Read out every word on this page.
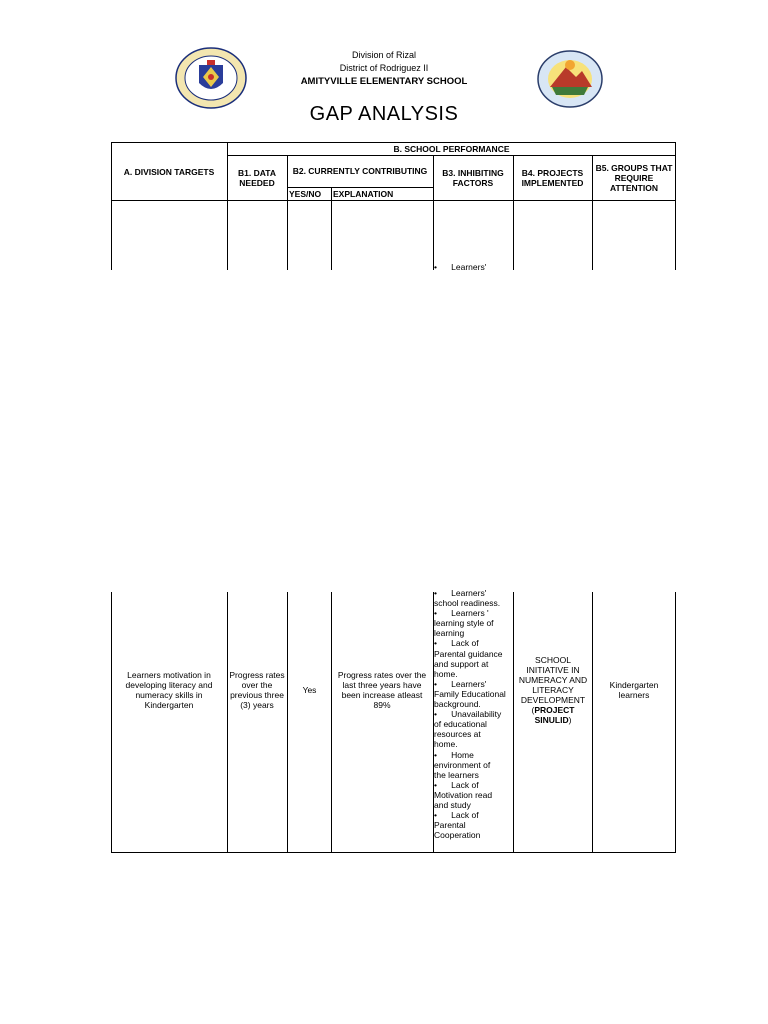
Division of Rizal
District of Rodriguez II
AMITYVILLE ELEMENTARY SCHOOL
GAP ANALYSIS
A. DIVISION TARGETS
B. SCHOOL PERFORMANCE
B1. DATA NEEDED
B2. CURRENTLY CONTRIBUTING
YES/NO	EXPLANATION
B3. INHIBITING FACTORS
B4. PROJECTS IMPLEMENTED
B5. GROUPS THAT REQUIRE ATTENTION
•      Learners'
Learners motivation in developing literacy and numeracy skills in Kindergarten
Progress rates over the previous three (3) years
Yes
Progress rates over the last three years have been increase atleast 89%
•      Learners'
school readiness.
•      Learners '
learning style of
learning
•      Lack of
Parental guidance
and support at
home.
•      Learners'
Family Educational
background.
•      Unavailability
of educational
resources at
home.
•      Home
environment of
the learners
•      Lack of
Motivation read
and study
•      Lack of
Parental
Cooperation
SCHOOL INITIATIVE IN NUMERACY AND LITERACY DEVELOPMENT
(PROJECT SINULID)
Kindergarten learners
